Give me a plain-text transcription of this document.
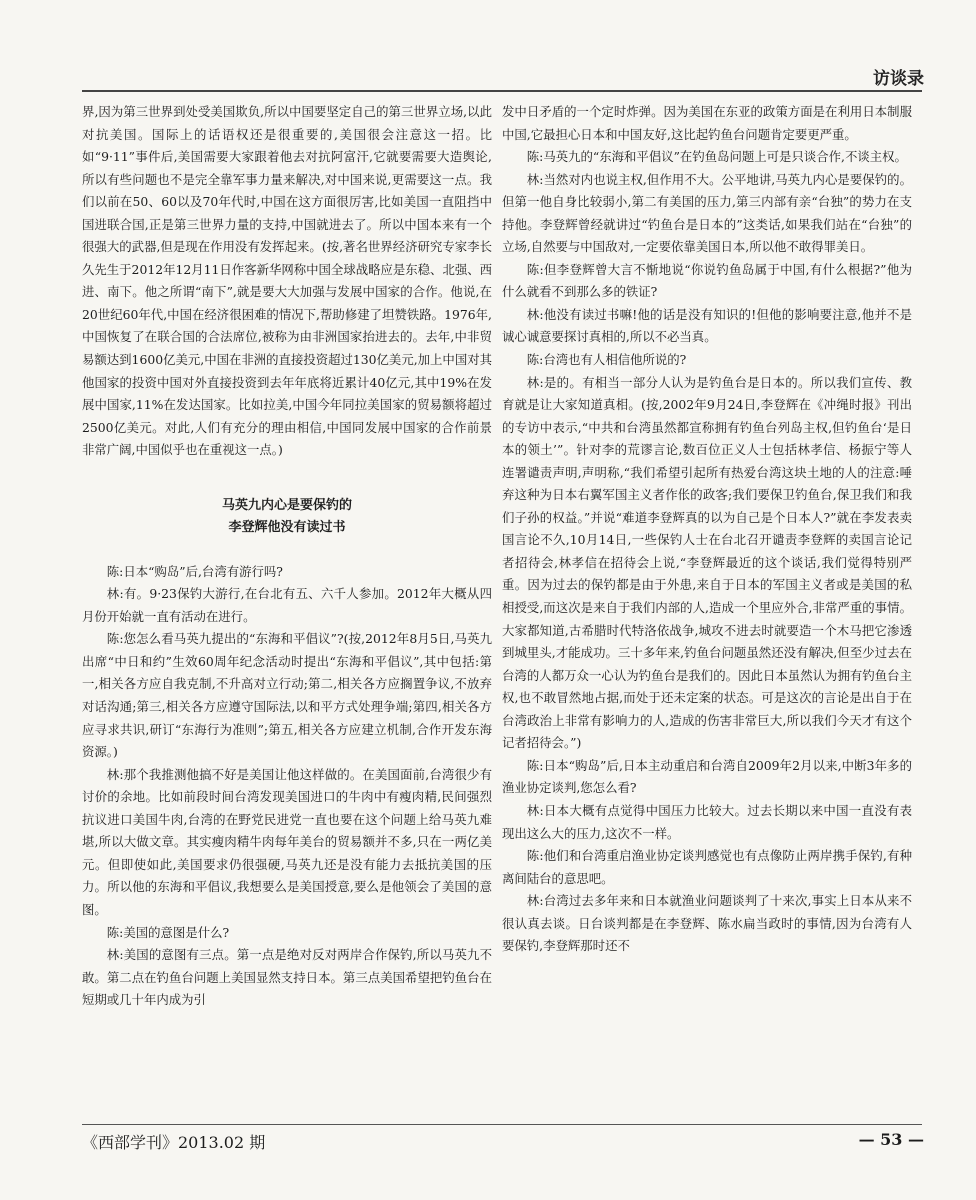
访谈录

界,因为第三世界到处受美国欺负,所以中国要坚定自己的第三世界立场,以此对抗美国。国际上的话语权还是很重要的,美国很会注意这一招。比如“9·11”事件后,美国需要大家跟着他去对抗阿富汗,它就要需要大造舆论,所以有些问题也不是完全靠军事力量来解决,对中国来说,更需要这一点。我们以前在50、60以及70年代时,中国在这方面很厉害,比如美国一直阻挡中国进联合国,正是第三世界力量的支持,中国就进去了。所以中国本来有一个很强大的武器,但是现在作用没有发挥起来。(按,著名世界经济研究专家李长久先生于2012年12月11日作客新华网称中国全球战略应是东稳、北强、西进、南下。他之所谓“南下”,就是要大大加强与发展中国家的合作。他说,在20世纪60年代,中国在经济很困难的情况下,帮助修建了坦赞铁路。1976年,中国恢复了在联合国的合法席位,被称为由非洲国家抬进去的。去年,中非贸易额达到1600亿美元,中国在非洲的直接投资超过130亿美元,加上中国对其他国家的投资中国对外直接投资到去年年底将近累计40亿元,其中19%在发展中国家,11%在发达国家。比如拉美,中国今年同拉美国家的贸易额将超过2500亿美元。对此,人们有充分的理由相信,中国同发展中国家的合作前景非常广阔,中国似乎也在重视这一点。)

马英九内心是要保钓的
李登辉他没有读过书

陈:日本“购岛”后,台湾有游行吗?

林:有。9·23保钓大游行,在台北有五、六千人参加。2012年大概从四月份开始就一直有活动在进行。

陈:您怎么看马英九提出的“东海和平倡议”?(按,2012年8月5日,马英九出席“中日和约”生效60周年纪念活动时提出“东海和平倡议”,其中包括:第一,相关各方应自我克制,不升高对立行动;第二,相关各方应搁置争议,不放弃对话沟通;第三,相关各方应遵守国际法,以和平方式处理争端;第四,相关各方应寻求共识,研订“东海行为准则”;第五,相关各方应建立机制,合作开发东海资源。)

林:那个我推测他搞不好是美国让他这样做的。在美国面前,台湾很少有讨价的余地。比如前段时间台湾发现美国进口的牛肉中有瘦肉精,民间强烈抗议进口美国牛肉,台湾的在野党民进党一直也要在这个问题上给马英九难堪,所以大做文章。其实瘦肉精牛肉每年美台的贸易额并不多,只在一两亿美元。但即使如此,美国要求仍很强硬,马英九还是没有能力去抵抗美国的压力。所以他的东海和平倡议,我想要么是美国授意,要么是他领会了美国的意图。

陈:美国的意图是什么?

林:美国的意图有三点。第一点是绝对反对两岸合作保钓,所以马英九不敢。第二点在钓鱼台问题上美国显然支持日本。第三点美国希望把钓鱼台在短期或几十年内成为引

发中日矛盾的一个定时炸弹。因为美国在东亚的政策方面是在利用日本制服中国,它最担心日本和中国友好,这比起钓鱼台问题肯定要更严重。

陈:马英九的“东海和平倡议”在钓鱼岛问题上可是只谈合作,不谈主权。

林:当然对内也说主权,但作用不大。公平地讲,马英九内心是要保钓的。但第一他自身比较弱小,第二有美国的压力,第三内部有亲“台独”的势力在支持他。李登辉曾经就讲过“钓鱼台是日本的”这类话,如果我们站在“台独”的立场,自然要与中国敌对,一定要依靠美国日本,所以他不敢得罪美日。

陈:但李登辉曾大言不惭地说“你说钓鱼岛属于中国,有什么根据?”他为什么就看不到那么多的铁证?

林:他没有读过书嘛!他的话是没有知识的!但他的影响要注意,他并不是诚心诚意要探讨真相的,所以不必当真。

陈:台湾也有人相信他所说的?

林:是的。有相当一部分人认为是钓鱼台是日本的。所以我们宣传、教育就是让大家知道真相。(按,2002年9月24日,李登辉在《冲绳时报》刊出的专访中表示,“中共和台湾虽然都宣称拥有钓鱼台列岛主权,但钓鱼台‘是日本的领土’”。针对李的荒谬言论,数百位正义人士包括林孝信、杨振宁等人连署谴责声明,声明称,“我们希望引起所有热爱台湾这块土地的人的注意:唾弃这种为日本右翼军国主义者作伥的政客;我们要保卫钓鱼台,保卫我们和我们子孙的权益。”并说“难道李登辉真的以为自己是个日本人?”就在李发表卖国言论不久,10月14日,一些保钓人士在台北召开谴责李登辉的卖国言论记者招待会,林孝信在招待会上说,“李登辉最近的这个谈话,我们觉得特别严重。因为过去的保钓都是由于外患,来自于日本的军国主义者或是美国的私相授受,而这次是来自于我们内部的人,造成一个里应外合,非常严重的事情。大家都知道,古希腊时代特洛依战争,城攻不进去时就要造一个木马把它渗透到城里头,才能成功。三十多年来,钓鱼台问题虽然还没有解决,但至少过去在台湾的人都万众一心认为钓鱼台是我们的。因此日本虽然认为拥有钓鱼台主权,也不敢冒然地占据,而处于还未定案的状态。可是这次的言论是出自于在台湾政治上非常有影响力的人,造成的伤害非常巨大,所以我们今天才有这个记者招待会。”)

陈:日本“购岛”后,日本主动重启和台湾自2009年2月以来,中断3年多的渔业协定谈判,您怎么看?

林:日本大概有点觉得中国压力比较大。过去长期以来中国一直没有表现出这么大的压力,这次不一样。

陈:他们和台湾重启渔业协定谈判感觉也有点像防止两岸携手保钓,有种离间陆台的意思吧。

林:台湾过去多年来和日本就渔业问题谈判了十来次,事实上日本从来不很认真去谈。日台谈判都是在李登辉、陈水扁当政时的事情,因为台湾有人要保钓,李登辉那时还不

《西部学刊》2013.02 期	— 53 —
